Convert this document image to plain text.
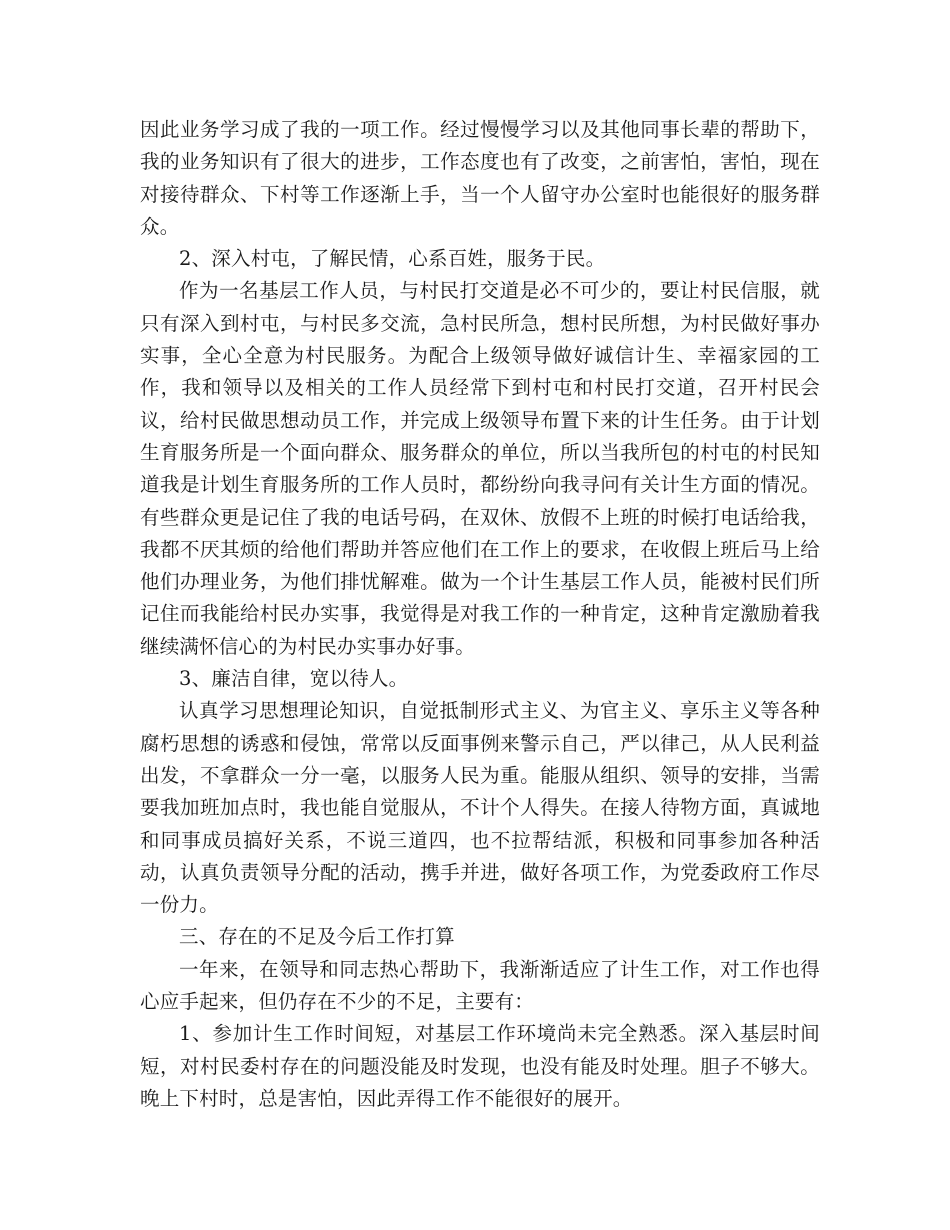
因此业务学习成了我的一项工作。经过慢慢学习以及其他同事长辈的帮助下，我的业务知识有了很大的进步，工作态度也有了改变，之前害怕，害怕，现在对接待群众、下村等工作逐渐上手，当一个人留守办公室时也能很好的服务群众。

2、深入村屯，了解民情，心系百姓，服务于民。

作为一名基层工作人员，与村民打交道是必不可少的，要让村民信服，就只有深入到村屯，与村民多交流，急村民所急，想村民所想，为村民做好事办实事，全心全意为村民服务。为配合上级领导做好诚信计生、幸福家园的工作，我和领导以及相关的工作人员经常下到村屯和村民打交道，召开村民会议，给村民做思想动员工作，并完成上级领导布置下来的计生任务。由于计划生育服务所是一个面向群众、服务群众的单位，所以当我所包的村屯的村民知道我是计划生育服务所的工作人员时，都纷纷向我寻问有关计生方面的情况。有些群众更是记住了我的电话号码，在双休、放假不上班的时候打电话给我，我都不厌其烦的给他们帮助并答应他们在工作上的要求，在收假上班后马上给他们办理业务，为他们排忧解难。做为一个计生基层工作人员，能被村民们所记住而我能给村民办实事，我觉得是对我工作的一种肯定，这种肯定激励着我继续满怀信心的为村民办实事办好事。

3、廉洁自律，宽以待人。

认真学习思想理论知识，自觉抵制形式主义、为官主义、享乐主义等各种腐朽思想的诱惑和侵蚀，常常以反面事例来警示自己，严以律己，从人民利益出发，不拿群众一分一毫，以服务人民为重。能服从组织、领导的安排，当需要我加班加点时，我也能自觉服从，不计个人得失。在接人待物方面，真诚地和同事成员搞好关系，不说三道四，也不拉帮结派，积极和同事参加各种活动，认真负责领导分配的活动，携手并进，做好各项工作，为党委政府工作尽一份力。

三、存在的不足及今后工作打算

一年来，在领导和同志热心帮助下，我渐渐适应了计生工作，对工作也得心应手起来，但仍存在不少的不足，主要有：

1、参加计生工作时间短，对基层工作环境尚未完全熟悉。深入基层时间短，对村民委村存在的问题没能及时发现，也没有能及时处理。胆子不够大。晚上下村时，总是害怕，因此弄得工作不能很好的展开。
